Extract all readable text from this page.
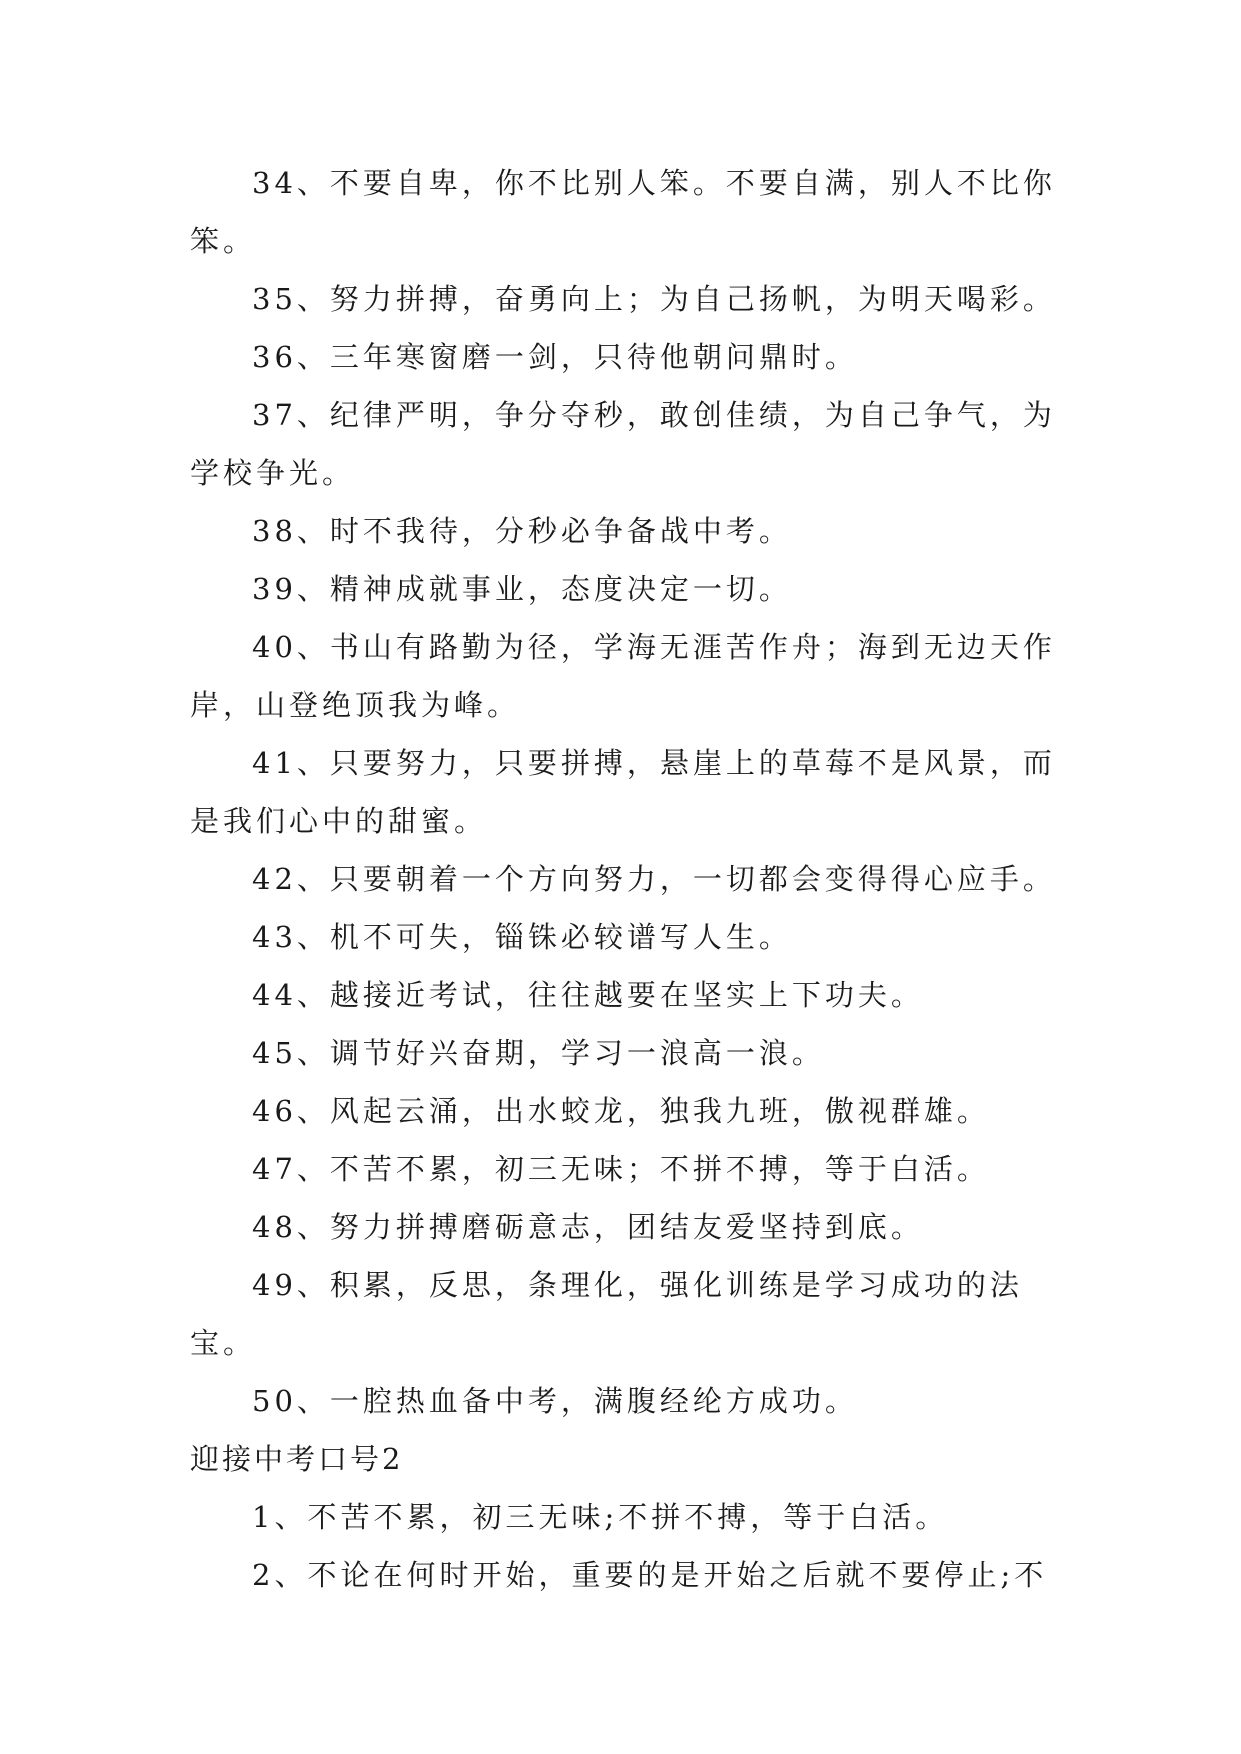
34、不要自卑，你不比别人笨。不要自满，别人不比你笨。

35、努力拼搏，奋勇向上；为自己扬帆，为明天喝彩。

36、三年寒窗磨一剑，只待他朝问鼎时。

37、纪律严明，争分夺秒，敢创佳绩，为自己争气，为学校争光。

38、时不我待，分秒必争备战中考。

39、精神成就事业，态度决定一切。

40、书山有路勤为径，学海无涯苦作舟；海到无边天作岸，山登绝顶我为峰。

41、只要努力，只要拼搏，悬崖上的草莓不是风景，而是我们心中的甜蜜。

42、只要朝着一个方向努力，一切都会变得得心应手。

43、机不可失，锱铢必较谱写人生。

44、越接近考试，往往越要在坚实上下功夫。

45、调节好兴奋期，学习一浪高一浪。

46、风起云涌，出水蛟龙，独我九班，傲视群雄。

47、不苦不累，初三无味；不拼不搏，等于白活。

48、努力拼搏磨砺意志，团结友爱坚持到底。

49、积累，反思，条理化，强化训练是学习成功的法宝。

50、一腔热血备中考，满腹经纶方成功。

迎接中考口号2

1、不苦不累，初三无味;不拼不搏，等于白活。

2、不论在何时开始，重要的是开始之后就不要停止;不
